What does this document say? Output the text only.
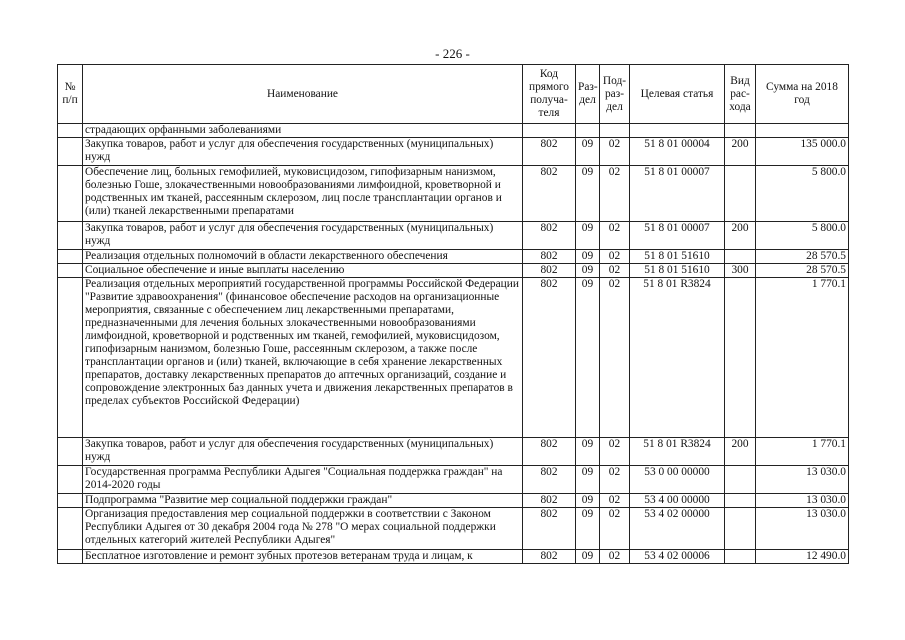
- 226 -
№ п/п	Наименование	Код прямого получа-теля	Раз-дел	Под-раз-дел	Целевая статья	Вид рас-хода	Сумма на 2018 год
	страдающих орфанными заболеваниями						
	Закупка товаров, работ и услуг для обеспечения государственных (муниципальных) нужд	802	09	02	51 8 01 00004	200	135 000.0
	Обеспечение лиц, больных гемофилией, муковисцидозом, гипофизарным нанизмом, болезнью Гоше, злокачественными новообразованиями лимфоидной, кроветворной и родственных им тканей, рассеянным склерозом, лиц после трансплантации органов и (или) тканей лекарственными препаратами	802	09	02	51 8 01 00007		5 800.0
	Закупка товаров, работ и услуг для обеспечения государственных (муниципальных) нужд	802	09	02	51 8 01 00007	200	5 800.0
	Реализация отдельных полномочий в области лекарственного обеспечения	802	09	02	51 8 01 51610		28 570.5
	Социальное обеспечение и иные выплаты населению	802	09	02	51 8 01 51610	300	28 570.5
	Реализация отдельных мероприятий государственной программы Российской Федерации "Развитие здравоохранения" (финансовое обеспечение расходов на организационные мероприятия, связанные с обеспечением лиц лекарственными препаратами, предназначенными для лечения больных злокачественными новообразованиями лимфоидной, кроветворной и родственных им тканей, гемофилией, муковисцидозом, гипофизарным нанизмом, болезнью Гоше, рассеянным склерозом, а также после трансплантации органов и (или) тканей, включающие в себя хранение лекарственных препаратов, доставку лекарственных препаратов до аптечных организаций, создание и сопровождение электронных баз данных учета и движения лекарственных препаратов в пределах субъектов Российской Федерации)	802	09	02	51 8 01 R3824		1 770.1
	Закупка товаров, работ и услуг для обеспечения государственных (муниципальных) нужд	802	09	02	51 8 01 R3824	200	1 770.1
	Государственная программа Республики Адыгея "Социальная поддержка граждан" на 2014-2020 годы	802	09	02	53 0 00 00000		13 030.0
	Подпрограмма "Развитие мер социальной поддержки граждан"	802	09	02	53 4 00 00000		13 030.0
	Организация предоставления мер социальной поддержки в соответствии с Законом Республики Адыгея от 30 декабря 2004 года № 278 "О мерах социальной поддержки отдельных категорий жителей Республики Адыгея"	802	09	02	53 4 02 00000		13 030.0
	Бесплатное изготовление и ремонт зубных протезов ветеранам труда и лицам, к	802	09	02	53 4 02 00006		12 490.0
